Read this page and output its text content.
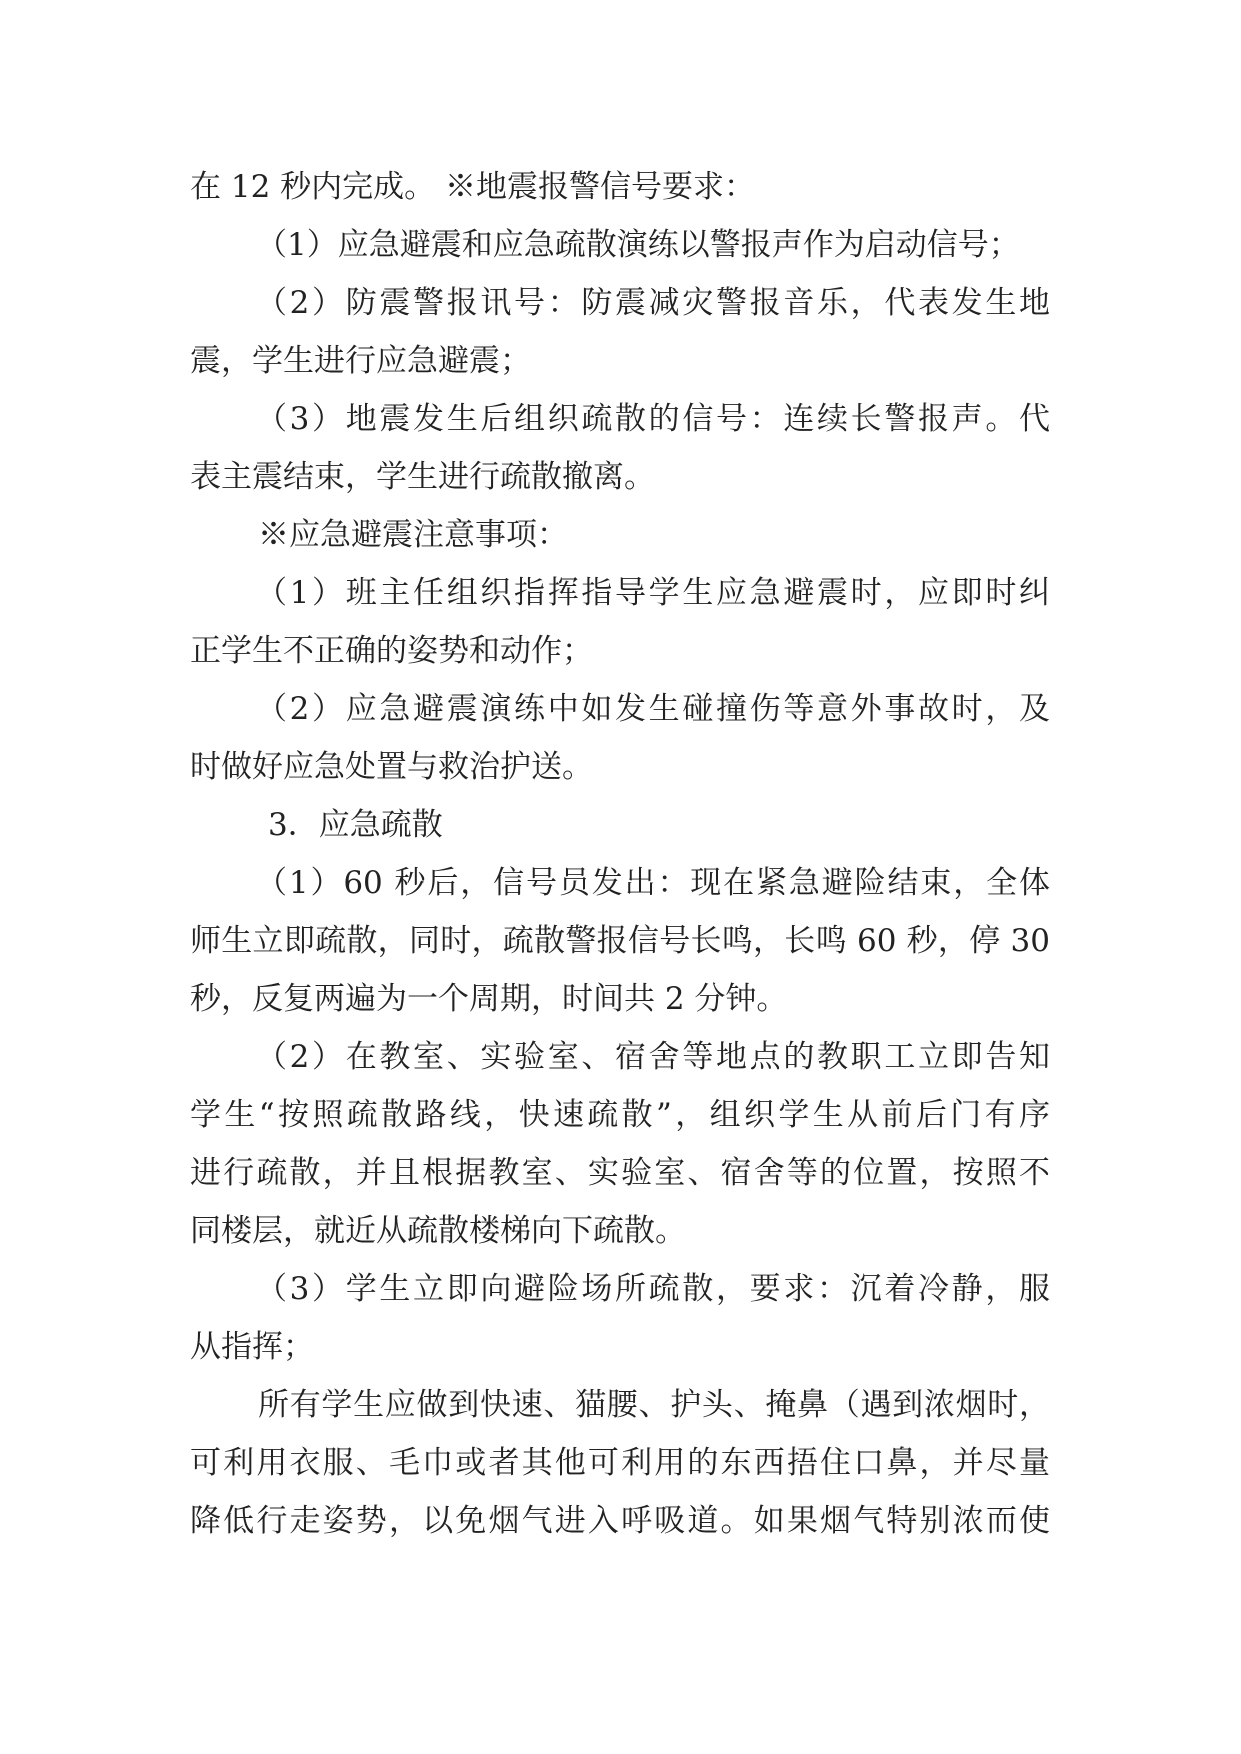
在 12 秒内完成。 ※地震报警信号要求：
（1）应急避震和应急疏散演练以警报声作为启动信号；
（2）防震警报讯号：防震减灾警报音乐，代表发生地
震，学生进行应急避震；
（3）地震发生后组织疏散的信号：连续长警报声。代
表主震结束，学生进行疏散撤离。
※应急避震注意事项：
（1）班主任组织指挥指导学生应急避震时，应即时纠
正学生不正确的姿势和动作；
（2）应急避震演练中如发生碰撞伤等意外事故时，及
时做好应急处置与救治护送。
3．应急疏散
（1）60 秒后，信号员发出：现在紧急避险结束，全体
师生立即疏散，同时，疏散警报信号长鸣，长鸣 60 秒，停 30
秒，反复两遍为一个周期，时间共 2 分钟。
（2）在教室、实验室、宿舍等地点的教职工立即告知
学生“按照疏散路线，快速疏散”，组织学生从前后门有序
进行疏散，并且根据教室、实验室、宿舍等的位置，按照不
同楼层，就近从疏散楼梯向下疏散。
（3）学生立即向避险场所疏散，要求：沉着冷静，服
从指挥；
所有学生应做到快速、猫腰、护头、掩鼻（遇到浓烟时，
可利用衣服、毛巾或者其他可利用的东西捂住口鼻，并尽量
降低行走姿势，以免烟气进入呼吸道。如果烟气特别浓而使
